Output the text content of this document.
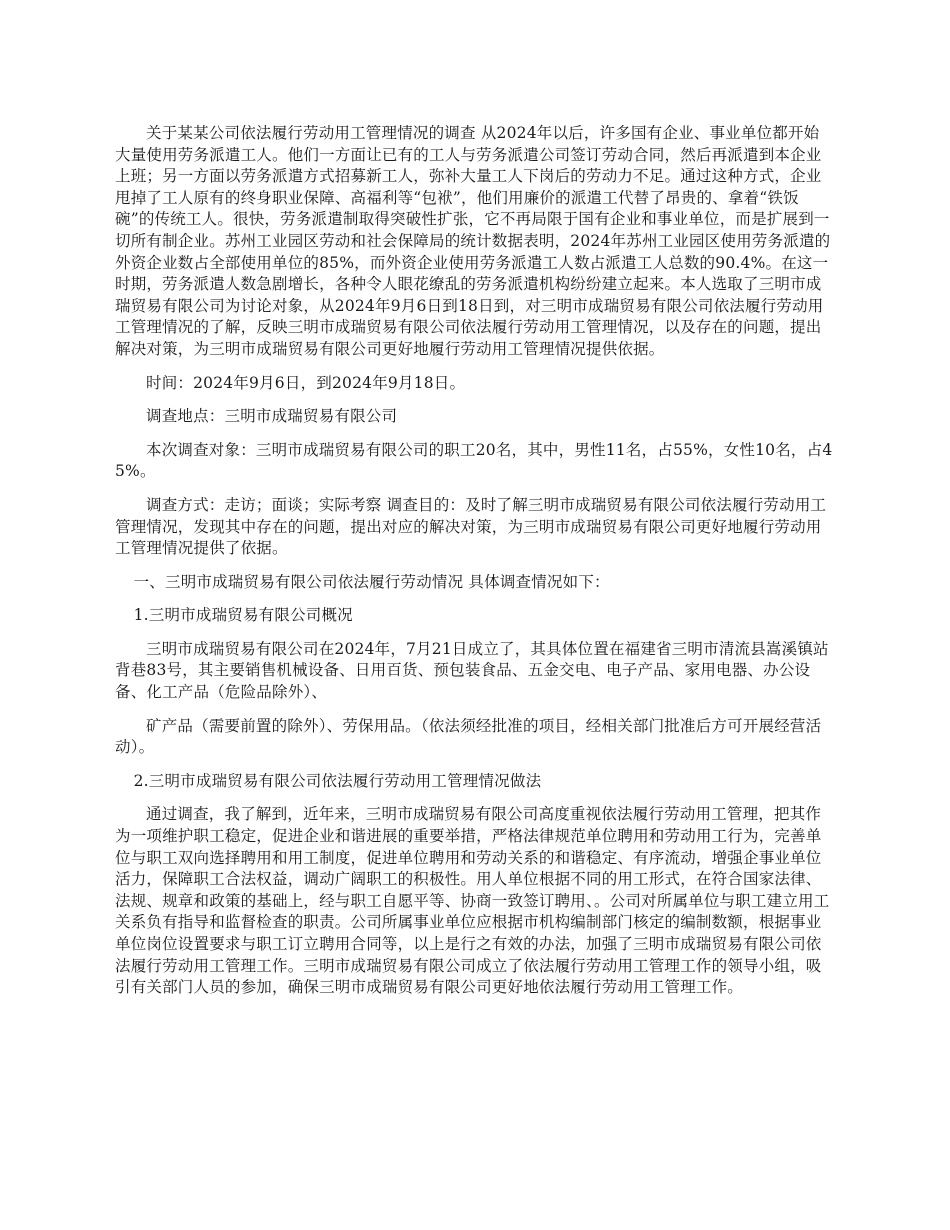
关于某某公司依法履行劳动用工管理情况的调查 从2024年以后，许多国有企业、事业单位都开始大量使用劳务派遣工人。他们一方面让已有的工人与劳务派遣公司签订劳动合同，然后再派遣到本企业上班；另一方面以劳务派遣方式招募新工人，弥补大量工人下岗后的劳动力不足。通过这种方式，企业甩掉了工人原有的终身职业保障、高福利等“包袱”，他们用廉价的派遣工代替了昂贵的、拿着“铁饭碗”的传统工人。很快，劳务派遣制取得突破性扩张，它不再局限于国有企业和事业单位，而是扩展到一切所有制企业。苏州工业园区劳动和社会保障局的统计数据表明，2024年苏州工业园区使用劳务派遣的外资企业数占全部使用单位的85%，而外资企业使用劳务派遣工人数占派遣工人总数的90.4%。在这一时期，劳务派遣人数急剧增长，各种令人眼花缭乱的劳务派遣机构纷纷建立起来。本人选取了三明市成瑞贸易有限公司为讨论对象，从2024年9月6日到18日到，对三明市成瑞贸易有限公司依法履行劳动用工管理情况的了解，反映三明市成瑞贸易有限公司依法履行劳动用工管理情况，以及存在的问题，提出解决对策，为三明市成瑞贸易有限公司更好地履行劳动用工管理情况提供依据。

时间：2024年9月6日，到2024年9月18日。

调查地点：三明市成瑞贸易有限公司

本次调查对象：三明市成瑞贸易有限公司的职工20名，其中，男性11名，占55%，女性10名，占45%。

调查方式：走访；面谈；实际考察 调查目的：及时了解三明市成瑞贸易有限公司依法履行劳动用工管理情况，发现其中存在的问题，提出对应的解决对策，为三明市成瑞贸易有限公司更好地履行劳动用工管理情况提供了依据。

一、三明市成瑞贸易有限公司依法履行劳动情况 具体调查情况如下：

1.三明市成瑞贸易有限公司概况

三明市成瑞贸易有限公司在2024年，7月21日成立了，其具体位置在福建省三明市清流县嵩溪镇站背巷83号，其主要销售机械设备、日用百货、预包装食品、五金交电、电子产品、家用电器、办公设备、化工产品（危险品除外）、

矿产品（需要前置的除外）、劳保用品。（依法须经批准的项目，经相关部门批准后方可开展经营活动）。

2.三明市成瑞贸易有限公司依法履行劳动用工管理情况做法

通过调查，我了解到，近年来，三明市成瑞贸易有限公司高度重视依法履行劳动用工管理，把其作为一项维护职工稳定，促进企业和谐进展的重要举措，严格法律规范单位聘用和劳动用工行为，完善单位与职工双向选择聘用和用工制度，促进单位聘用和劳动关系的和谐稳定、有序流动，增强企事业单位活力，保障职工合法权益，调动广阔职工的积极性。用人单位根据不同的用工形式，在符合国家法律、法规、规章和政策的基础上，经与职工自愿平等、协商一致签订聘用、。公司对所属单位与职工建立用工关系负有指导和监督检查的职责。公司所属事业单位应根据市机构编制部门核定的编制数额，根据事业单位岗位设置要求与职工订立聘用合同等，以上是行之有效的办法，加强了三明市成瑞贸易有限公司依法履行劳动用工管理工作。三明市成瑞贸易有限公司成立了依法履行劳动用工管理工作的领导小组，吸引有关部门人员的参加，确保三明市成瑞贸易有限公司更好地依法履行劳动用工管理工作。
